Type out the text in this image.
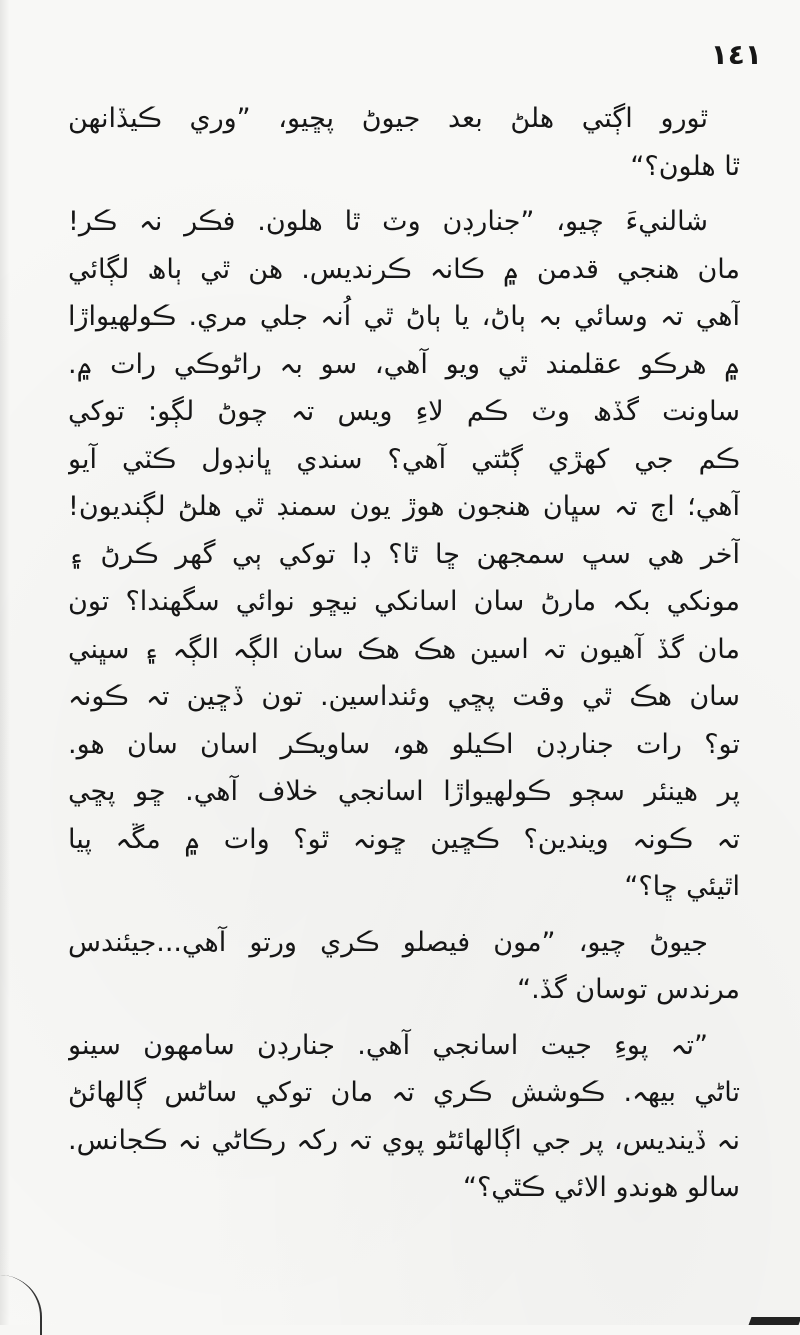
١٤١

ٿورو اڳتي هلڻ بعد جيوڻ پڇيو، ”وري ڪيڏانهن
ٿا هلون؟“

شالنيءَ چيو، ”جنارڊن وٽ ٿا هلون. فڪر نہ ڪر!
مان هنجي قدمن ۾ ڪانہ ڪرنديس. هن ٿي ٻاھ لڳائي
آهي تہ وسائي بہ ٻاڻ، يا ٻاڻ ٿي اُنہ جلي مري. ڪولهيواڙا
۾ هرڪو عقلمند ٿي ويو آهي، سو بہ راڻوڪي رات ۾.
ساونت گڏھ وٽ ڪم لاءِ ويس تہ چوڻ لڳو: توکي
ڪم جي کھڙي ڳڻتي آهي؟ سندي ڀانڊول ڪٽي آيو
آهي؛ اڄ تہ سڀان هنجون هوڙ يون سمنڊ ٿي هلڻ لڳنديون!
آخر هي سڀ سمجھن ڇا ٿا؟ ڊا توکي ٻي گھر ڪرڻ ۽
مونکي بکہ مارڻ سان اسانکي نيڇو نوائي سگھندا؟ تون
مان گڏ آهيون تہ اسين هڪ هڪ سان الڳہ الڳہ ۽ سڀني
سان هڪ ٿي وقت پڇي وئنداسين. تون ڏڇين تہ ڪونہ
تو؟ رات جنارڊن اڪيلو هو، ساويڪر اسان سان هو.
پر هينئر سڄو ڪولهيواڙا اسانجي خلاف آهي. ڇو پڇي
تہ ڪونہ ويندين؟ ڪڇين ڇونہ ٿو؟ وات ۾ مڱہ پيا
اٿيئي ڇا؟“

جيوڻ چيو، ”مون فيصلو ڪري ورتو آهي...جيئندس
مرندس توسان گڏ.“

”تہ پوءِ جيت اسانجي آهي. جنارڊن سامھون سينو
تاڻي بيهہ. ڪوشش ڪري تہ مان توکي ساڻس ڳالهائڻ
نہ ڏينديس، پر جي اڳالهائڻو پوي تہ رکہ رڪاڻي نہ ڪجانس.
سالو هوندو الائي ڪٿي؟“
